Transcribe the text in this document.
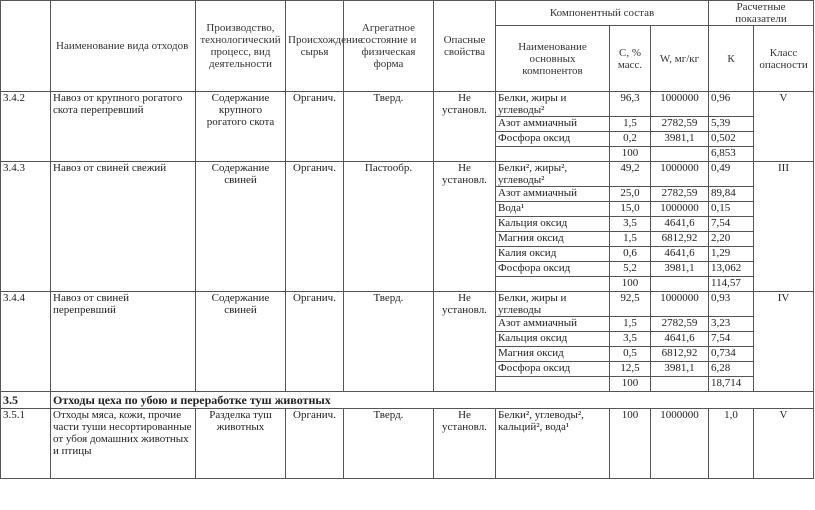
	Наименование вида отходов	Производство, технологический процесс, вид деятельности	Происхождение сырья	Агрегатное состояние и физическая форма	Опасные свойства	Компонентный состав			Расчетные показатели	
						Наименование основных компонентов	С, % масс.	W, мг/кг	К	Класс опасности
3.4.2	Навоз от крупного рогатого скота перепревший	Содержание крупного рогатого скота	Органич.	Тверд.	Не установл.	Белки, жиры и углеводы²	96,3	1000000	0,96	V
						Азот аммиачный	1,5	2782,59	5,39	
						Фосфора оксид	0,2	3981,1	0,502	
							100		6,853	
3.4.3	Навоз от свиней свежий	Содержание свиней	Органич.	Пастообр.	Не установл.	Белки², жиры², углеводы²	49,2	1000000	0,49	III
						Азот аммиачный	25,0	2782,59	89,84	
						Вода¹	15,0	1000000	0,15	
						Кальция оксид	3,5	4641,6	7,54	
						Магния оксид	1,5	6812,92	2,20	
						Калия оксид	0,6	4641,6	1,29	
						Фосфора оксид	5,2	3981,1	13,062	
							100		114,57	
3.4.4	Навоз от свиней перепревший	Содержание свиней	Органич.	Тверд.	Не установл.	Белки, жиры и углеводы	92,5	1000000	0,93	IV
						Азот аммиачный	1,5	2782,59	3,23	
						Кальция оксид	3,5	4641,6	7,54	
						Магния оксид	0,5	6812,92	0,734	
						Фосфора оксид	12,5	3981,1	6,28	
							100		18,714	
3.5	Отходы цеха по убою и переработке туш животных									
3.5.1	Отходы мяса, кожи, прочие части туши несортированные от убоя домашних животных и птицы	Разделка туш животных	Органич.	Тверд.	Не установл.	Белки², углеводы², кальций², вода¹	100	1000000	1,0	V
